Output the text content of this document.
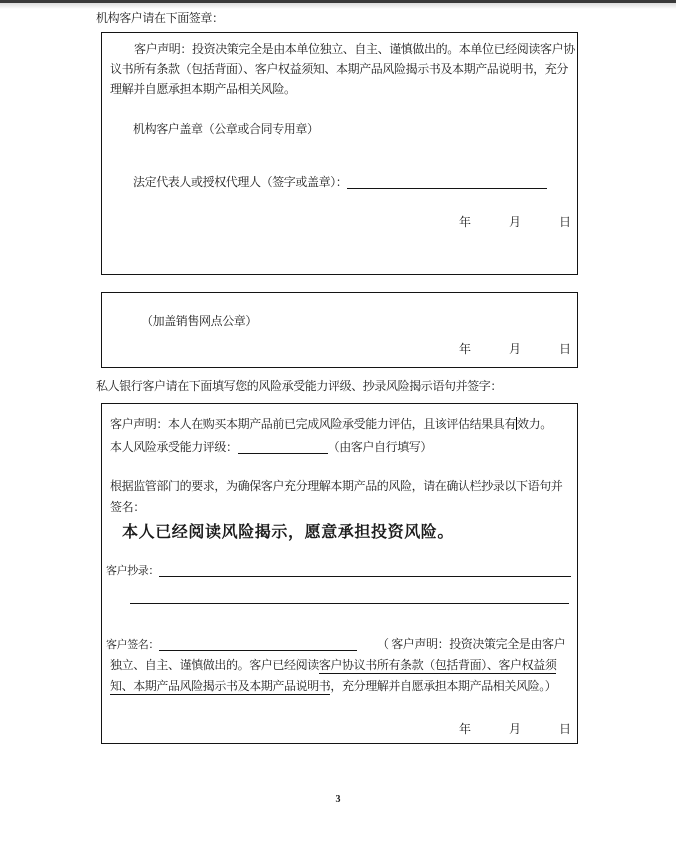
机构客户请在下面签章：
客户声明：投资决策完全是由本单位独立、自主、谨慎做出的。本单位已经阅读客户协
议书所有条款（包括背面）、客户权益须知、本期产品风险揭示书及本期产品说明书，充分
理解并自愿承担本期产品相关风险。
机构客户盖章（公章或合同专用章）
法定代表人或授权代理人（签字或盖章）：
年	月	日
（加盖销售网点公章）
年	月	日
私人银行客户请在下面填写您的风险承受能力评级、抄录风险揭示语句并签字：
客户声明：本人在购买本期产品前已完成风险承受能力评估，且该评估结果具有效力。
本人风险承受能力评级：	（由客户自行填写）
根据监管部门的要求，为确保客户充分理解本期产品的风险，请在确认栏抄录以下语句并
签名：
本人已经阅读风险揭示，愿意承担投资风险。
客户抄录：
客户签名：	（ 客户声明：投资决策完全是由客户
独立、自主、谨慎做出的。客户已经阅读客户协议书所有条款（包括背面）、客户权益须
知、本期产品风险揭示书及本期产品说明书，充分理解并自愿承担本期产品相关风险。）
年	月	日
3
